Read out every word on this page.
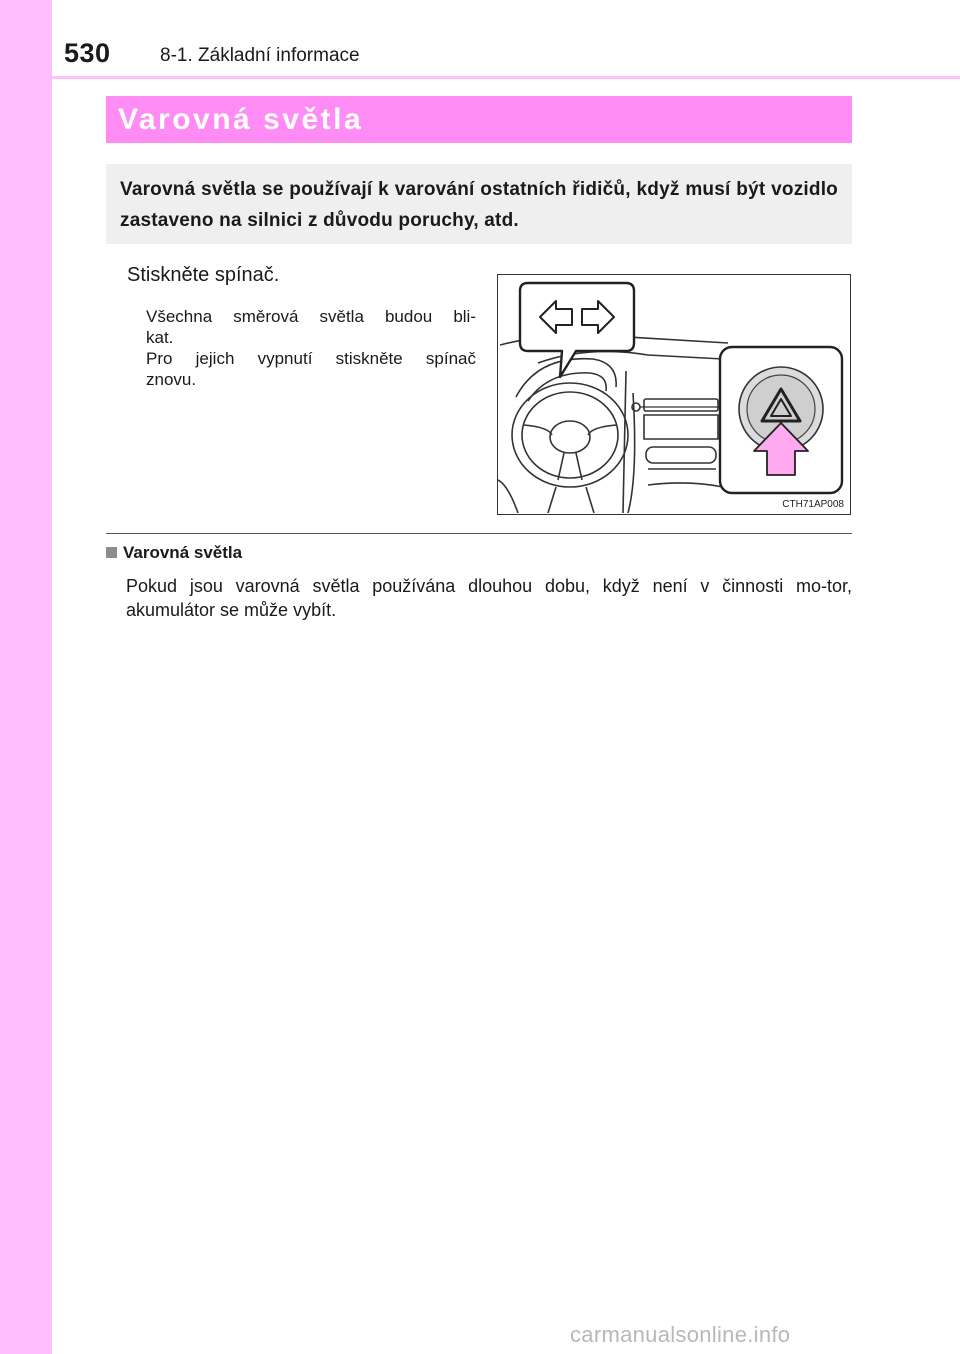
530	8-1. Základní informace
Varovná světla

Varovná světla se používají k varování ostatních řidičů, když musí být vozidlo zastaveno na silnici z důvodu poruchy, atd.

Stiskněte spínač.
Všechna směrová světla budou bli-
kat.
Pro jejich vypnutí stiskněte spínač
znovu.
CTH71AP008
Varovná světla
Pokud jsou varovná světla používána dlouhou dobu, když není v činnosti mo-tor, akumulátor se může vybít.
carmanualsonline.info
